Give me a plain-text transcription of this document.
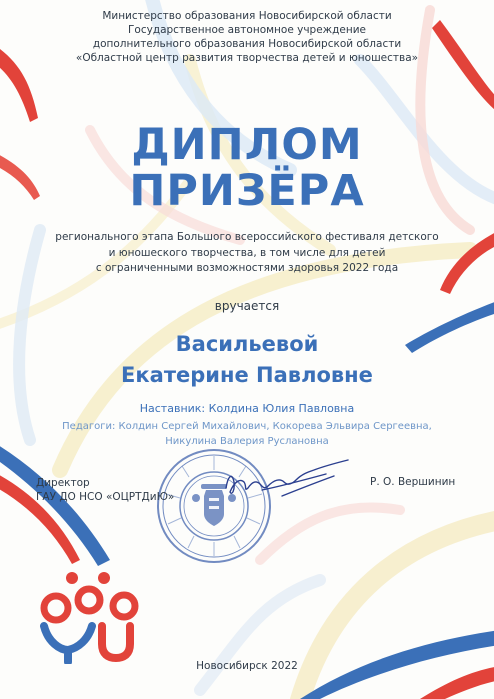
Министерство образования Новосибирской области
Государственное автономное учреждение
дополнительного образования Новосибирской области
«Областной центр развития творчества детей и юношества»
ДИПЛОМ
ПРИЗЁРА
регионального этапа Большого всероссийского фестиваля детского
и юношеского творчества, в том числе для детей
с ограниченными возможностями здоровья 2022 года
вручается
Васильевой
Екатерине Павловне
Наставник: Колдина Юлия Павловна
Педагоги: Колдин Сергей Михайлович, Кокорева Эльвира Сергеевна,
Никулина Валерия Руслановна
Директор
ГАУ ДО НСО «ОЦРТДиЮ»
Р. О. Вершинин
Новосибирск 2022
